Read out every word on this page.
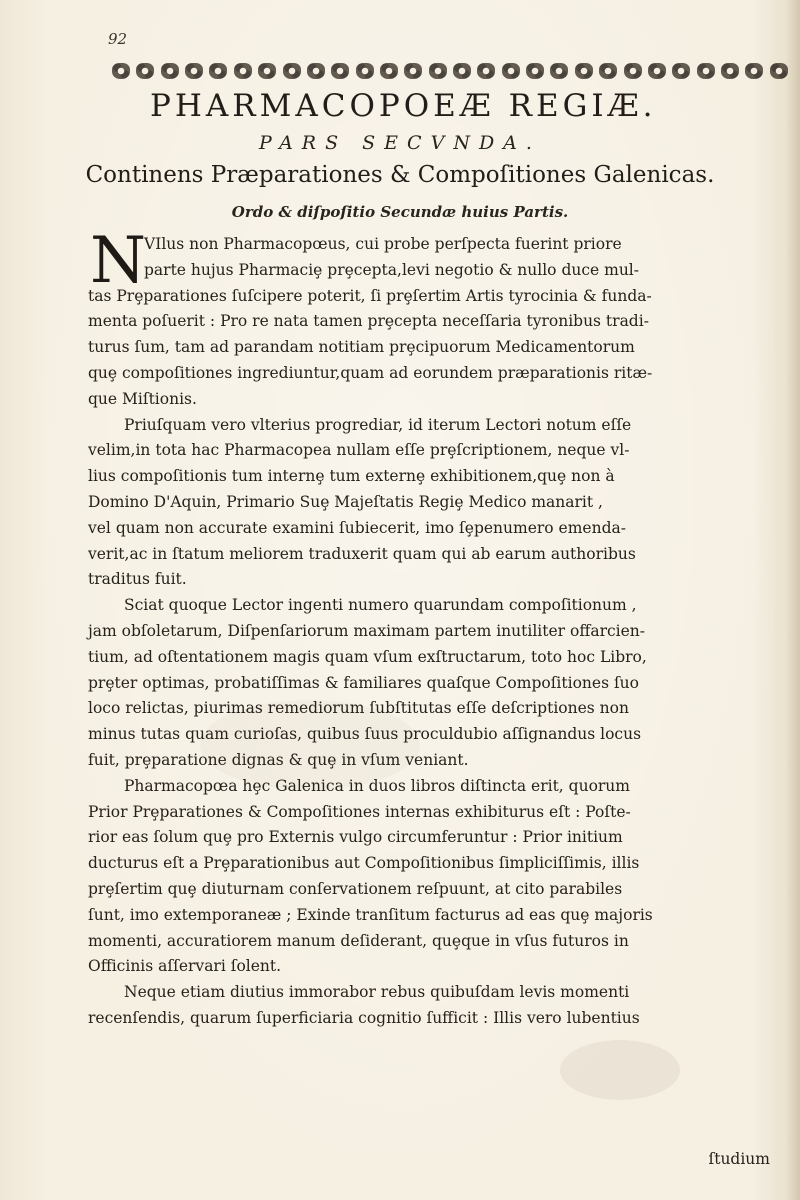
92
PHARMACOPOEÆ REGIÆ.
PARS SECVNDA.
Continens Præparationes & Compoſitiones Galenicas.
Ordo & diſpoſitio Secundæ huius Partis.
N
VIlus non Pharmacopœus, cui probe perſpecta fuerint priore
parte hujus Pharmaciȩ prȩcepta,levi negotio & nullo duce mul-
tas Prȩparationes ſuſcipere poterit, ſi prȩſertim Artis tyrocinia & funda-
menta poſuerit : Pro re nata tamen prȩcepta neceſſaria tyronibus tradi-
turus ſum, tam ad parandam notitiam prȩcipuorum Medicamentorum
quȩ compoſitiones ingrediuntur,quam ad eorundem præparationis ritæ-
que Miſtionis.
Priuſquam vero vlterius progrediar, id iterum Lectori notum eſſe
velim,in tota hac Pharmacopea nullam eſſe prȩſcriptionem, neque vl-
lius compoſitionis tum internȩ tum externȩ exhibitionem,quȩ non à
Domino D'Aquin, Primario Suȩ Majeſtatis Regiȩ Medico manarit ,
vel quam non accurate examini ſubiecerit, imo ſȩpenumero emenda-
verit,ac in ſtatum meliorem traduxerit quam qui ab earum authoribus
traditus fuit.
Sciat quoque Lector ingenti numero quarundam compoſitionum ,
jam obſoletarum, Diſpenſariorum maximam partem inutiliter offarcien-
tium, ad oſtentationem magis quam vſum exſtructarum, toto hoc Libro,
prȩter optimas, probatiſſimas & familiares quaſque Compoſitiones ſuo
loco relictas, piurimas remediorum ſubſtitutas eſſe deſcriptiones non
minus tutas quam curioſas, quibus ſuus proculdubio aſſignandus locus
fuit, prȩparatione dignas & quȩ in vſum veniant.
Pharmacopœa hȩc Galenica in duos libros diſtincta erit, quorum
Prior Prȩparationes & Compoſitiones internas exhibiturus eſt : Poſte-
rior eas ſolum quȩ pro Externis vulgo circumferuntur : Prior initium
ducturus eſt a Prȩparationibus aut Compoſitionibus ſimpliciſſimis, illis
prȩſertim quȩ diuturnam conſervationem reſpuunt, at cito parabiles
ſunt, imo extemporaneæ ; Exinde tranſitum facturus ad eas quȩ majoris
momenti, accuratiorem manum deſiderant, quȩque in vſus futuros in
Officinis aſſervari ſolent.
Neque etiam diutius immorabor rebus quibuſdam levis momenti
recenſendis, quarum ſuperficiaria cognitio ſufficit : Illis vero lubentius
ſtudium
